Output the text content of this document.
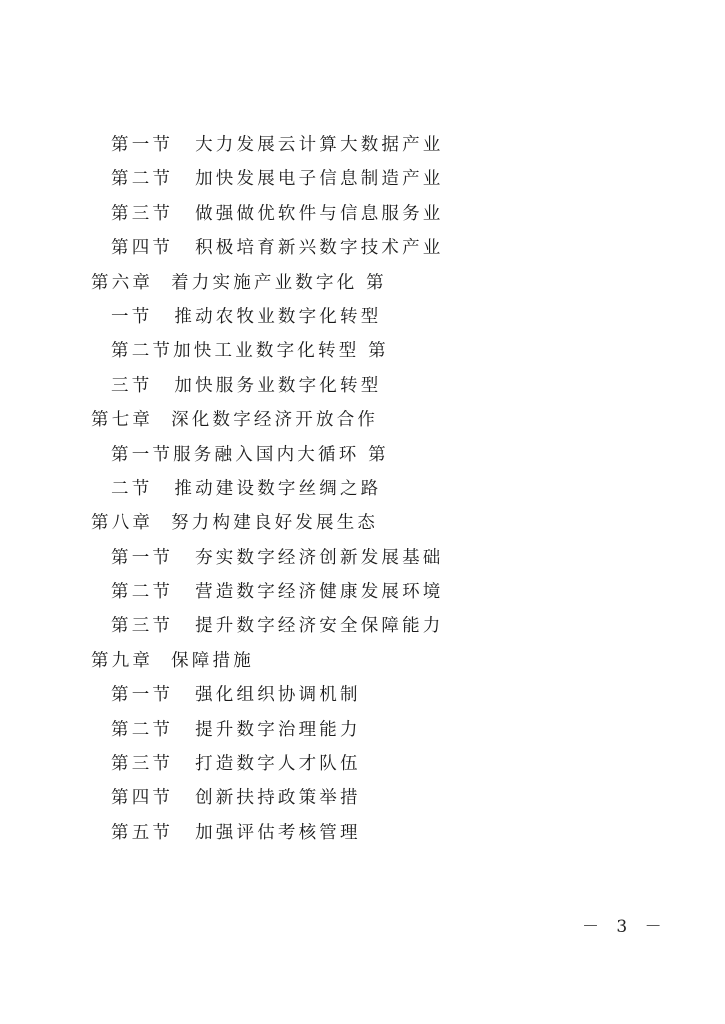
第一节 大力发展云计算大数据产业
第二节 加快发展电子信息制造产业
第三节 做强做优软件与信息服务业
第四节 积极培育新兴数字技术产业
第六章 着力实施产业数字化 第
一节 推动农牧业数字化转型
第二节加快工业数字化转型 第
三节 加快服务业数字化转型
第七章 深化数字经济开放合作
第一节服务融入国内大循环 第
二节 推动建设数字丝绸之路
第八章 努力构建良好发展生态
第一节 夯实数字经济创新发展基础
第二节 营造数字经济健康发展环境
第三节 提升数字经济安全保障能力
第九章 保障措施
第一节 强化组织协调机制
第二节 提升数字治理能力
第三节 打造数字人才队伍
第四节 创新扶持政策举措
第五节 加强评估考核管理
－ 3 －
